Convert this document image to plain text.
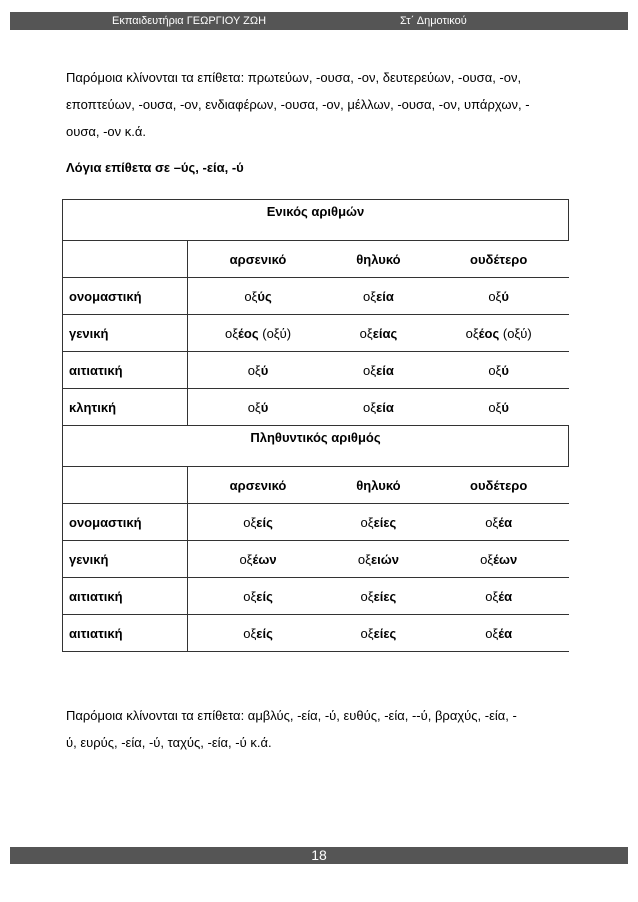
Εκπαιδευτήρια ΓΕΩΡΓΙΟΥ ΖΩΗ	Στ΄ Δημοτικού
Παρόμοια κλίνονται τα επίθετα: πρωτεύων, -ουσα, -ον, δευτερεύων, -ουσα, -ον,
εποπτεύων, -ουσα, -ον, ενδιαφέρων, -ουσα, -ον, μέλλων, -ουσα, -ον, υπάρχων, -
ουσα, -ον κ.ά.
Λόγια επίθετα σε –ύς, -εία, -ύ
Ενικός αριθμών			
	αρσενικό	θηλυκό	ουδέτερο
ονομαστική	οξύς	οξεία	οξύ
γενική	οξέος (οξύ)	οξείας	οξέος (οξύ)
αιτιατική	οξύ	οξεία	οξύ
κλητική	οξύ	οξεία	οξύ
Πληθυντικός αριθμός			
	αρσενικό	θηλυκό	ουδέτερο
ονομαστική	οξείς	οξείες	οξέα
γενική	οξέων	οξειών	οξέων
αιτιατική	οξείς	οξείες	οξέα
αιτιατική	οξείς	οξείες	οξέα
Παρόμοια κλίνονται τα επίθετα: αμβλύς, -εία, -ύ, ευθύς, -εία, --ύ, βραχύς, -εία, -
ύ, ευρύς, -εία, -ύ, ταχύς, -εία, -ύ κ.ά.
18
